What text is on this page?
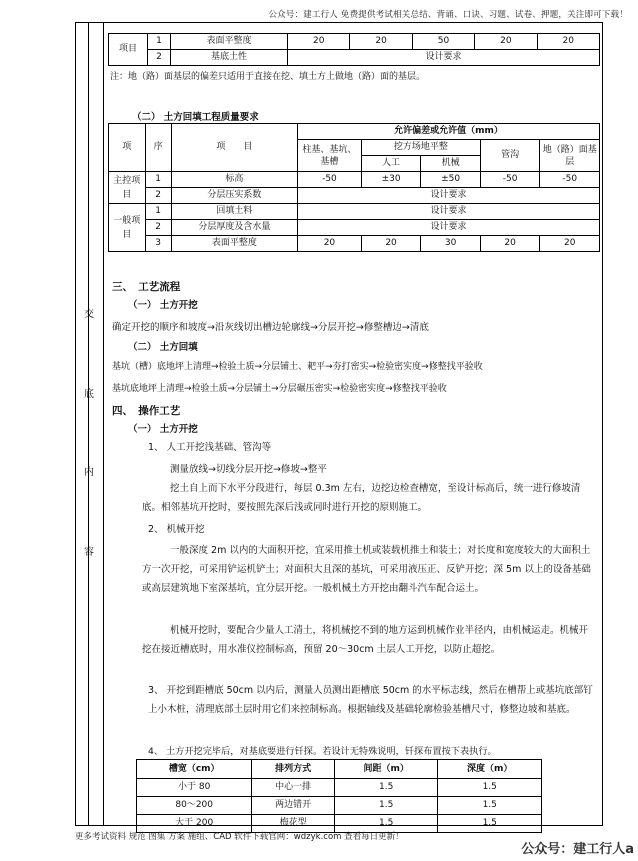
公众号：建工行人 免费提供考试相关总结、背诵、口诀、习题、试卷、押题，关注即可下载！
交
底
内
容
项目	1	表面平整度	20	20	50	20	20
	2	基底土性	设计要求				
注：地（路）面基层的偏差只适用于直接在挖、填土方上做地（路）面的基层。
（二） 土方回填工程质量要求
项	序	项　　目	允许偏差或允许值（mm）				
			柱基、基坑、基槽	挖方场地平整		管沟	地（路）面基层
				人工	机械		
主控项目	1	标高	-50	±30	±50	-50	-50
	2	分层压实系数	设计要求				
一般项目	1	回填土料	设计要求				
	2	分层厚度及含水量	设计要求				
	3	表面平整度	20	20	30	20	20
三、　工艺流程
（一） 土方开挖
确定开挖的顺序和坡度→沿灰线切出槽边轮廓线→分层开挖→修整槽边→清底
（二） 土方回填
基坑（槽）底地坪上清理→检验土质→分层铺土、耙平→夯打密实→检验密实度→修整找平验收
基坑底地坪上清理→检验土质→分层铺土→分层碾压密实→检验密实度→修整找平验收
四、　操作工艺
（一） 土方开挖
1、 人工开挖浅基础、管沟等
测量放线→切线分层开挖→修坡→整平
挖土自上而下水平分段进行，每层 0.3m 左右，边挖边检查槽宽，至设计标高后，统一进行修坡清底。相邻基坑开挖时，要按照先深后浅或同时进行开挖的原则施工。
2、 机械开挖
一般深度 2m 以内的大面积开挖，宜采用推土机或装载机推土和装土；对长度和宽度较大的大面积土方一次开挖，可采用铲运机铲土；对面积大且深的基坑，可采用液压正、反铲开挖；深 5m 以上的设备基础或高层建筑地下室深基坑，宜分层开挖。一般机械土方开挖由翻斗汽车配合运土。
机械开挖时，要配合少量人工清土，将机械挖不到的地方运到机械作业半径内，由机械运走。机械开挖在接近槽底时，用水准仪控制标高，预留 20～30cm 土层人工开挖，以防止超挖。
3、 开挖到距槽底 50cm 以内后，测量人员测出距槽底 50cm 的水平标志线，然后在槽帮上或基坑底部钉上小木桩，清理底部土层时用它们来控制标高。根据轴线及基础轮廓检验基槽尺寸，修整边坡和基底。
4、 土方开挖完毕后，对基底要进行钎探。若设计无特殊说明，钎探布置按下表执行。
槽宽（cm）	排列方式	间距（m）	深度（m）
小于 80	中心一排	1.5	1.5
80～200	两边错开	1.5	1.5
大于 200	梅花型	1.5	1.5
更多考试资料 规范 图集 方案 施组、CAD 软件下载官网：wdzyk.com 查看每日更新！
公众号：建工行人a
